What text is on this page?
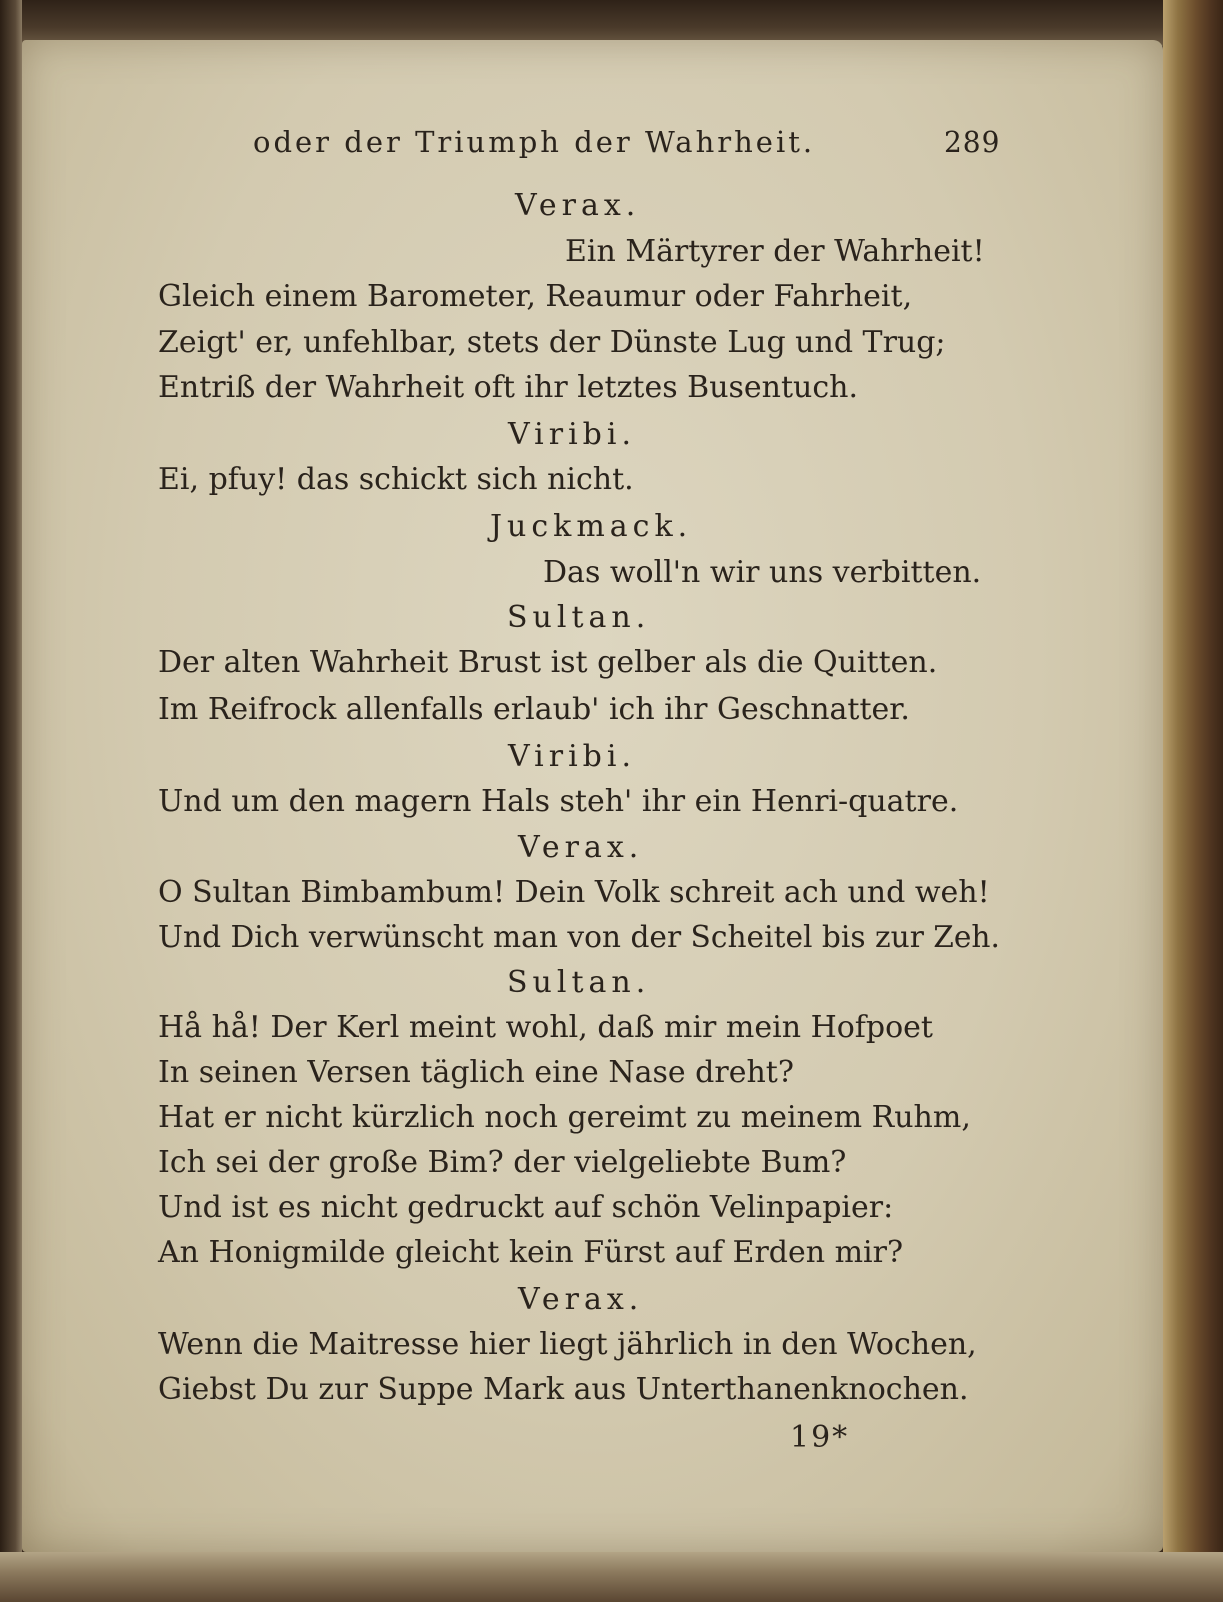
oder der Triumph der Wahrheit.	289

Verax.

Ein Märtyrer der Wahrheit!

Gleich einem Barometer, Reaumur oder Fahrheit,

Zeigt' er, unfehlbar, stets der Dünste Lug und Trug;

Entriß der Wahrheit oft ihr letztes Busentuch.

Viribi.

Ei, pfuy! das schickt sich nicht.

Juckmack.

Das woll'n wir uns verbitten.

Sultan.

Der alten Wahrheit Brust ist gelber als die Quitten.

Im Reifrock allenfalls erlaub' ich ihr Geschnatter.

Viribi.

Und um den magern Hals steh' ihr ein Henri-quatre.

Verax.

O Sultan Bimbambum! Dein Volk schreit ach und weh!

Und Dich verwünscht man von der Scheitel bis zur Zeh.

Sultan.

Hå hå! Der Kerl meint wohl, daß mir mein Hofpoet

In seinen Versen täglich eine Nase dreht?

Hat er nicht kürzlich noch gereimt zu meinem Ruhm,

Ich sei der große Bim? der vielgeliebte Bum?

Und ist es nicht gedruckt auf schön Velinpapier:

An Honigmilde gleicht kein Fürst auf Erden mir?

Verax.

Wenn die Maitresse hier liegt jährlich in den Wochen,

Giebst Du zur Suppe Mark aus Unterthanenknochen.

19*
